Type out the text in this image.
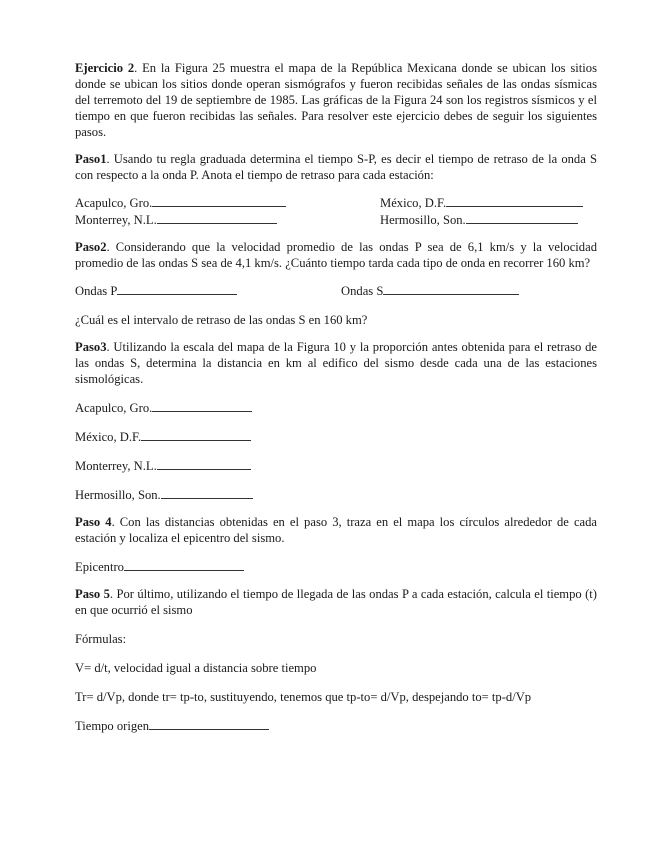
Ejercicio 2. En la Figura 25 muestra el mapa de la República Mexicana donde se ubican los sitios donde se ubican los sitios donde operan sismógrafos y fueron recibidas señales de las ondas sísmicas del terremoto del 19 de septiembre de 1985. Las gráficas de la Figura 24 son los registros sísmicos y el tiempo en que fueron recibidas las señales. Para resolver este ejercicio debes de seguir los siguientes pasos.

Paso1. Usando tu regla graduada determina el tiempo S-P, es decir el tiempo de retraso de la onda S con respecto a la onda P. Anota el tiempo de retraso para cada estación:

Acapulco, Gro.	México, D.F.
Monterrey, N.L.	Hermosillo, Son.

Paso2. Considerando que la velocidad promedio de las ondas P sea de 6,1 km/s y la velocidad promedio de las ondas S sea de 4,1 km/s. ¿Cuánto tiempo tarda cada tipo de onda en recorrer 160 km?

Ondas P	Ondas S

¿Cuál es el intervalo de retraso de las ondas S en 160 km?

Paso3. Utilizando la escala del mapa de la Figura 10 y la proporción antes obtenida para el retraso de las ondas S, determina la distancia en km al edifico del sismo desde cada una de las estaciones sismológicas.

Acapulco, Gro.

México, D.F.

Monterrey, N.L.

Hermosillo, Son.

Paso 4. Con las distancias obtenidas en el paso 3, traza en el mapa los círculos alrededor de cada estación y localiza el epicentro del sismo.

Epicentro

Paso 5. Por último, utilizando el tiempo de llegada de las ondas P a cada estación, calcula el tiempo (t) en que ocurrió el sismo

Fórmulas:

V= d/t, velocidad igual a distancia sobre tiempo

Tr= d/Vp, donde tr= tp-to, sustituyendo, tenemos que tp-to= d/Vp, despejando to= tp-d/Vp

Tiempo origen
